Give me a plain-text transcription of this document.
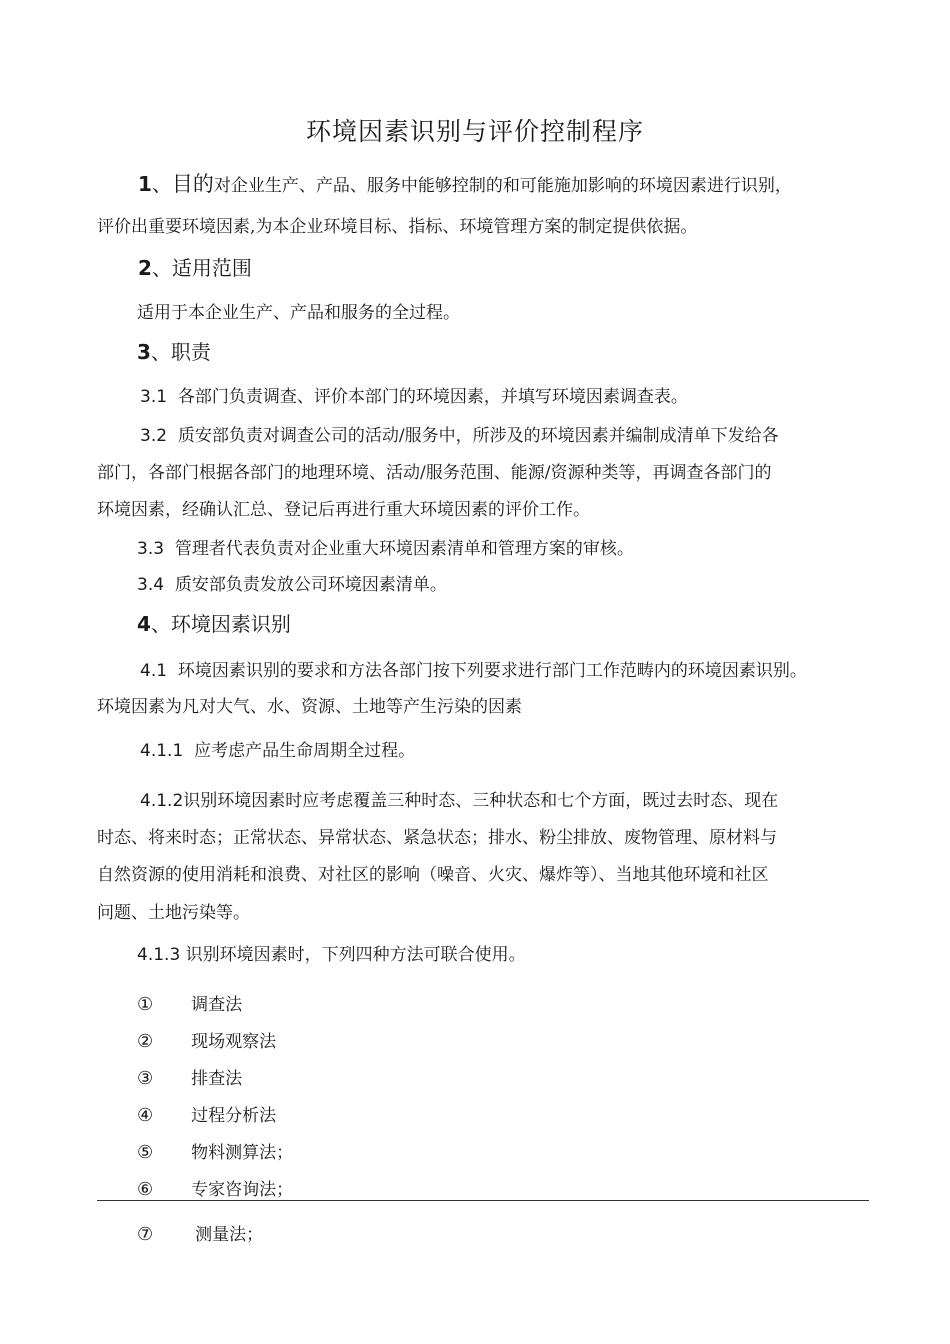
环境因素识别与评价控制程序
1、目的对企业生产、产品、服务中能够控制的和可能施加影响的环境因素进行识别，
评价出重要环境因素,为本企业环境目标、指标、环境管理方案的制定提供依据。
2、适用范围
适用于本企业生产、产品和服务的全过程。
3、职责
3.1 各部门负责调查、评价本部门的环境因素，并填写环境因素调查表。
3.2 质安部负责对调查公司的活动/服务中，所涉及的环境因素并编制成清单下发给各
部门，各部门根据各部门的地理环境、活动/服务范围、能源/资源种类等，再调查各部门的
环境因素，经确认汇总、登记后再进行重大环境因素的评价工作。
3.3 管理者代表负责对企业重大环境因素清单和管理方案的审核。
3.4 质安部负责发放公司环境因素清单。
4、环境因素识别
4.1 环境因素识别的要求和方法各部门按下列要求进行部门工作范畴内的环境因素识别。
环境因素为凡对大气、水、资源、土地等产生污染的因素
4.1.1 应考虑产品生命周期全过程。
4.1.2识别环境因素时应考虑覆盖三种时态、三种状态和七个方面，既过去时态、现在
时态、将来时态；正常状态、异常状态、紧急状态；排水、粉尘排放、废物管理、原材料与
自然资源的使用消耗和浪费、对社区的影响（噪音、火灾、爆炸等）、当地其他环境和社区
问题、土地污染等。
4.1.3 识别环境因素时，下列四种方法可联合使用。
① 调查法
② 现场观察法
③ 排查法
④ 过程分析法
⑤ 物料测算法；
⑥ 专家咨询法；
⑦ 测量法；
